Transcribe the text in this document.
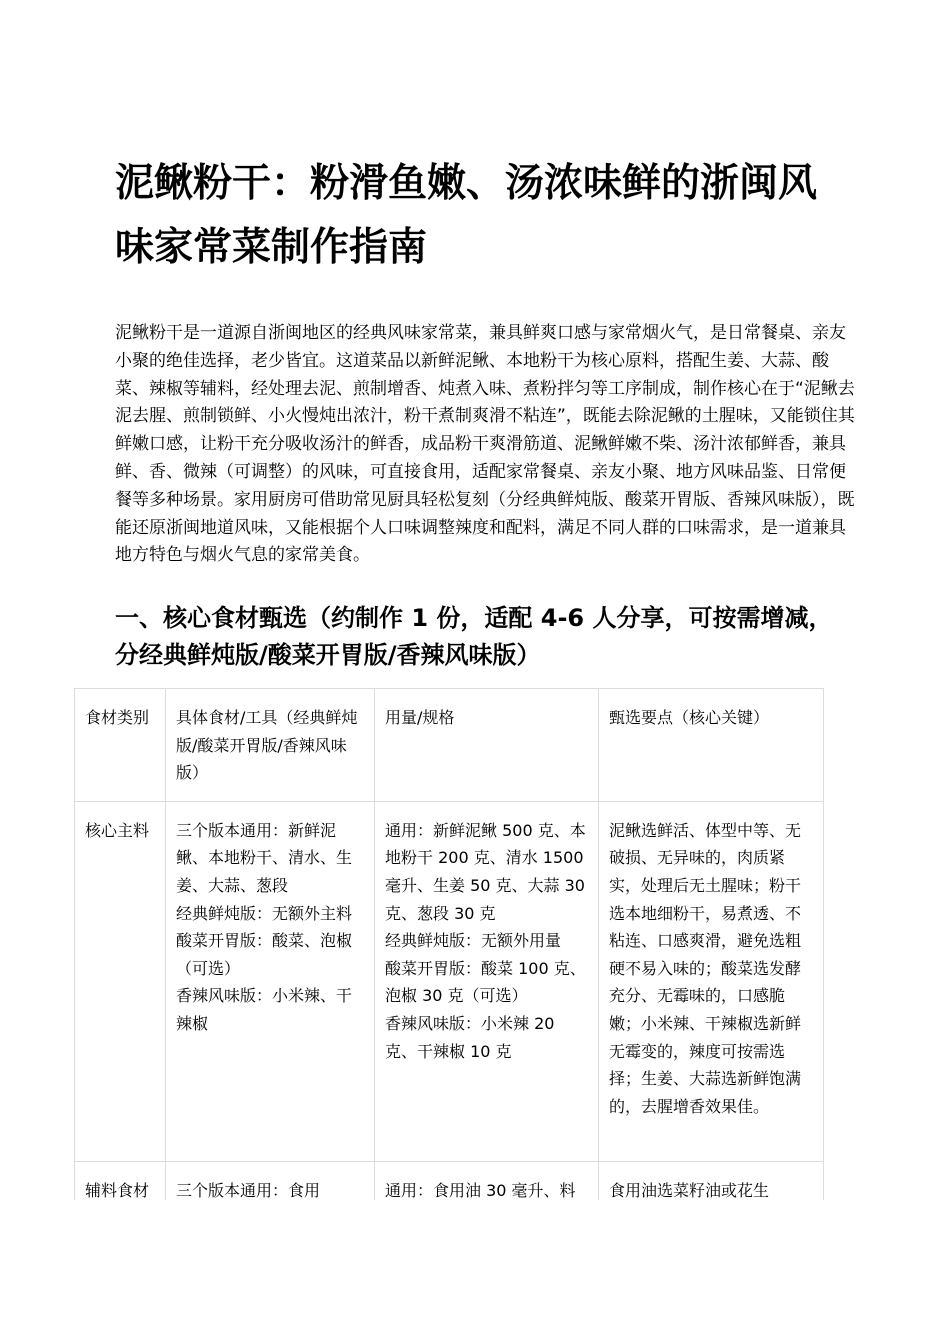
泥鳅粉干：粉滑鱼嫩、汤浓味鲜的浙闽风味家常菜制作指南

泥鳅粉干是一道源自浙闽地区的经典风味家常菜，兼具鲜爽口感与家常烟火气，是日常餐桌、亲友小聚的绝佳选择，老少皆宜。这道菜品以新鲜泥鳅、本地粉干为核心原料，搭配生姜、大蒜、酸菜、辣椒等辅料，经处理去泥、煎制增香、炖煮入味、煮粉拌匀等工序制成，制作核心在于“泥鳅去泥去腥、煎制锁鲜、小火慢炖出浓汁，粉干煮制爽滑不粘连”，既能去除泥鳅的土腥味，又能锁住其鲜嫩口感，让粉干充分吸收汤汁的鲜香，成品粉干爽滑筋道、泥鳅鲜嫩不柴、汤汁浓郁鲜香，兼具鲜、香、微辣（可调整）的风味，可直接食用，适配家常餐桌、亲友小聚、地方风味品鉴、日常便餐等多种场景。家用厨房可借助常见厨具轻松复刻（分经典鲜炖版、酸菜开胃版、香辣风味版），既能还原浙闽地道风味，又能根据个人口味调整辣度和配料，满足不同人群的口味需求，是一道兼具地方特色与烟火气息的家常美食。

一、核心食材甄选（约制作 1 份，适配 4-6 人分享，可按需增减，分经典鲜炖版/酸菜开胃版/香辣风味版）
食材类别	具体食材/工具（经典鲜炖版/酸菜开胃版/香辣风味版）	用量/规格	甄选要点（核心关键）
核心主料	三个版本通用：新鲜泥鳅、本地粉干、清水、生姜、大蒜、葱段
经典鲜炖版：无额外主料
酸菜开胃版：酸菜、泡椒（可选）
香辣风味版：小米辣、干辣椒	通用：新鲜泥鳅 500 克、本地粉干 200 克、清水 1500 毫升、生姜 50 克、大蒜 30 克、葱段 30 克
经典鲜炖版：无额外用量
酸菜开胃版：酸菜 100 克、泡椒 30 克（可选）
香辣风味版：小米辣 20 克、干辣椒 10 克	泥鳅选鲜活、体型中等、无破损、无异味的，肉质紧实，处理后无土腥味；粉干选本地细粉干，易煮透、不粘连、口感爽滑，避免选粗硬不易入味的；酸菜选发酵充分、无霉味的，口感脆嫩；小米辣、干辣椒选新鲜无霉变的，辣度可按需选择；生姜、大蒜选新鲜饱满的，去腥增香效果佳。
辅料食材	三个版本通用：食用	通用：食用油 30 毫升、料	食用油选菜籽油或花生
